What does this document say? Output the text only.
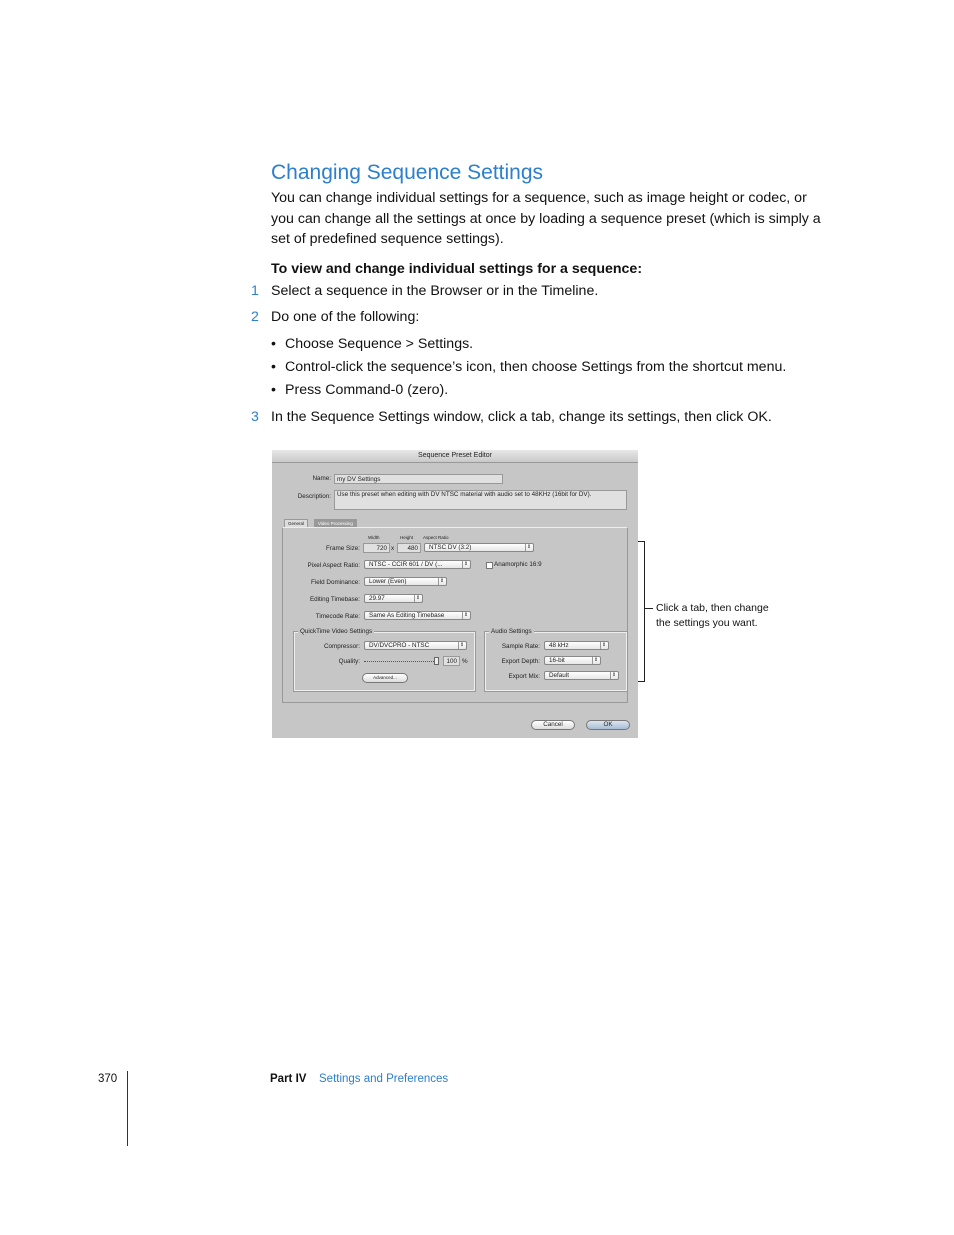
Changing Sequence Settings
You can change individual settings for a sequence, such as image height or codec, or you can change all the settings at once by loading a sequence preset (which is simply a set of predefined sequence settings).
To view and change individual settings for a sequence:
1 Select a sequence in the Browser or in the Timeline.
2 Do one of the following:
• Choose Sequence > Settings.
• Control-click the sequence’s icon, then choose Settings from the shortcut menu.
• Press Command-0 (zero).
3 In the Sequence Settings window, click a tab, change its settings, then click OK.
Sequence Preset Editor
Name: my DV Settings
Description: Use this preset when editing with DV NTSC material with audio set to 48KHz (16bit for DV).
General	Video Processing
Width	Height Aspect Ratio
Frame Size:	720 x	480	NTSC DV (3:2)	⇕
Pixel Aspect Ratio:	NTSC - CCIR 601 / DV (...	⇕	Anamorphic 16:9
Field Dominance:	Lower (Even)	⇕
Editing Timebase:	29.97	⇕
Timecode Rate:	Same As Editing Timebase	⇕
QuickTime Video Settings
Compressor:	DV/DVCPRO - NTSC	⇕
Quality:	100 %
Advanced...
Audio Settings
Sample Rate:	48 kHz	⇕
Export Depth:	16-bit	⇕
Export Mix:	Default	⇕
Cancel	OK
Click a tab, then change
the settings you want.
370	Part IV Settings and Preferences
